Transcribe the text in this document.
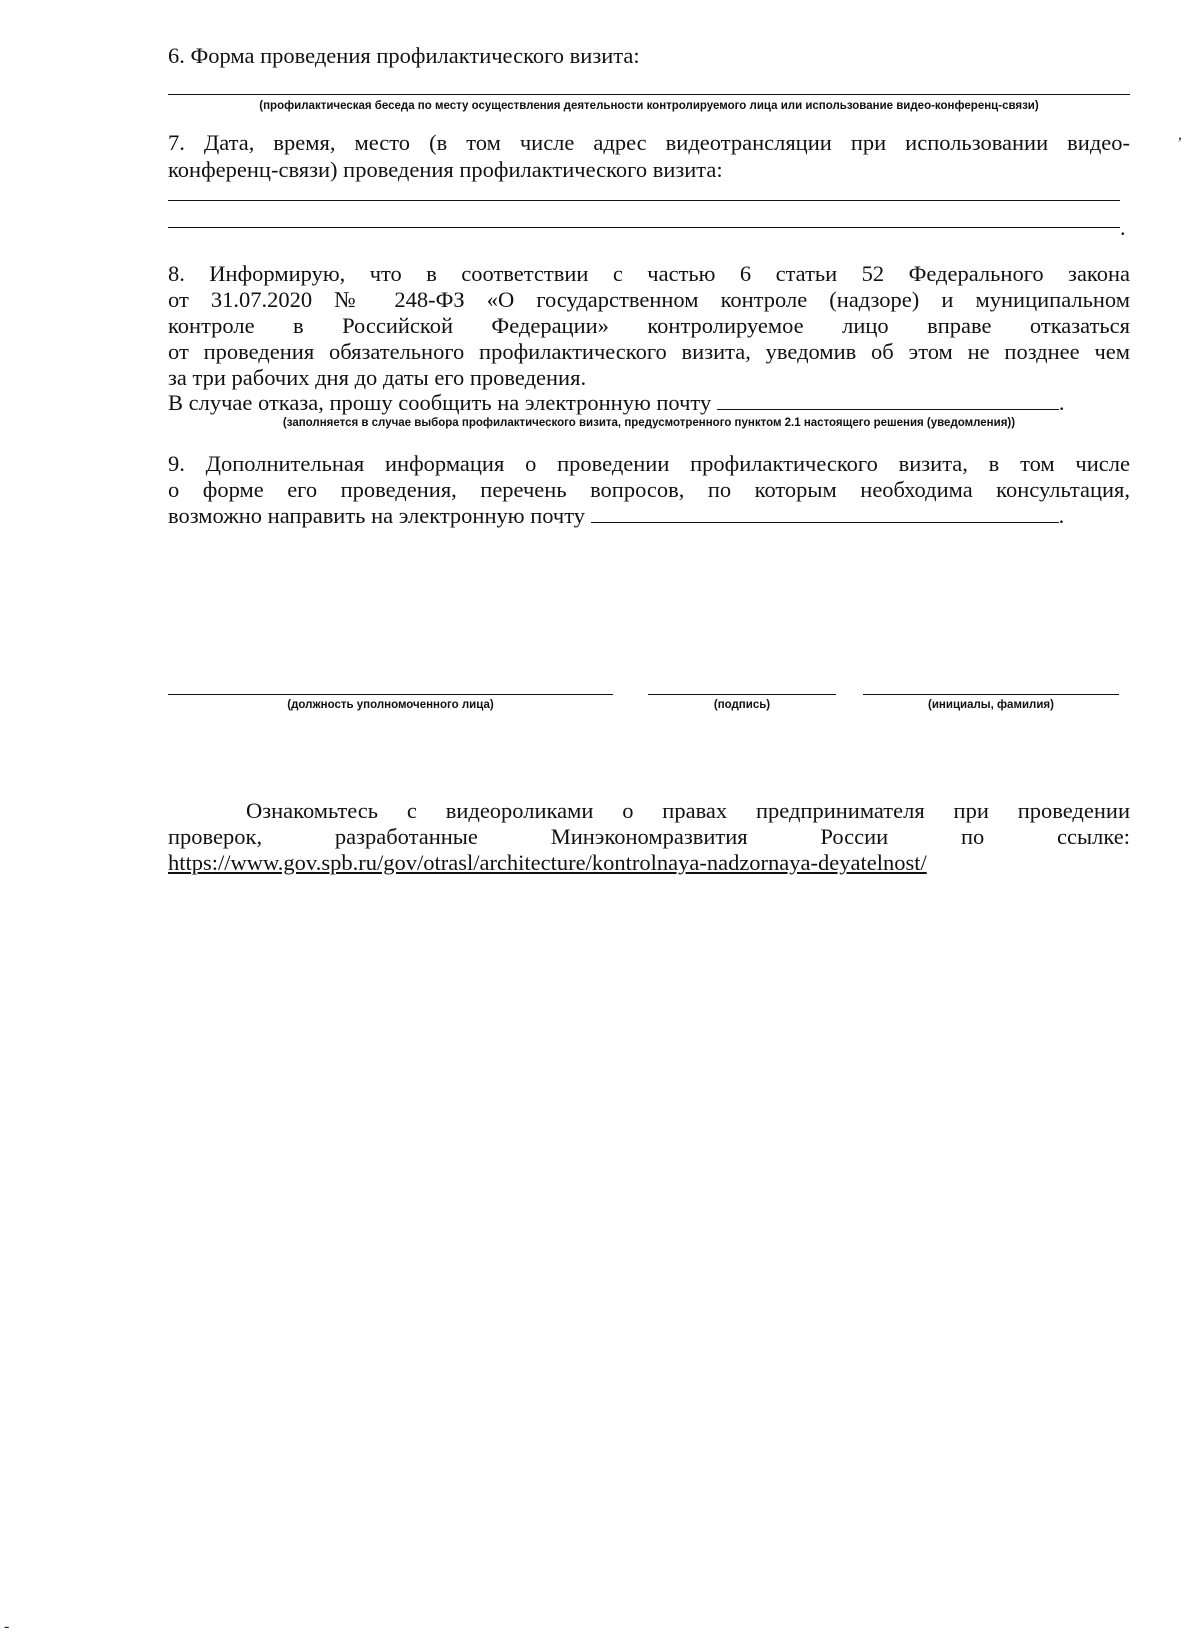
6. Форма проведения профилактического визита:
(профилактическая беседа по месту осуществления деятельности контролируемого лица или использование видео-конференц-связи)
7. Дата, время, место (в том числе адрес видеотрансляции при использовании видео-
конференц-связи) проведения профилактического визита:
.
8. Информирую, что в соответствии с частью 6 статьи 52 Федерального закона
от 31.07.2020 № 248-ФЗ «О государственном контроле (надзоре) и муниципальном
контроле в Российской Федерации» контролируемое лицо вправе отказаться
от проведения обязательного профилактического визита, уведомив об этом не позднее чем
за три рабочих дня до даты его проведения.
В случае отказа, прошу сообщить на электронную почту	.
(заполняется в случае выбора профилактического визита, предусмотренного пунктом 2.1 настоящего решения (уведомления))
9. Дополнительная информация о проведении профилактического визита, в том числе
о форме его проведения, перечень вопросов, по которым необходима консультация,
возможно направить на электронную почту	.
(должность уполномоченного лица)	(подпись)	(инициалы, фамилия)
Ознакомьтесь с видеороликами о правах предпринимателя при проведении
проверок, разработанные Минэкономразвития России по ссылке:
https://www.gov.spb.ru/gov/otrasl/architecture/kontrolnaya-nadzornaya-deyatelnost/
,
-
